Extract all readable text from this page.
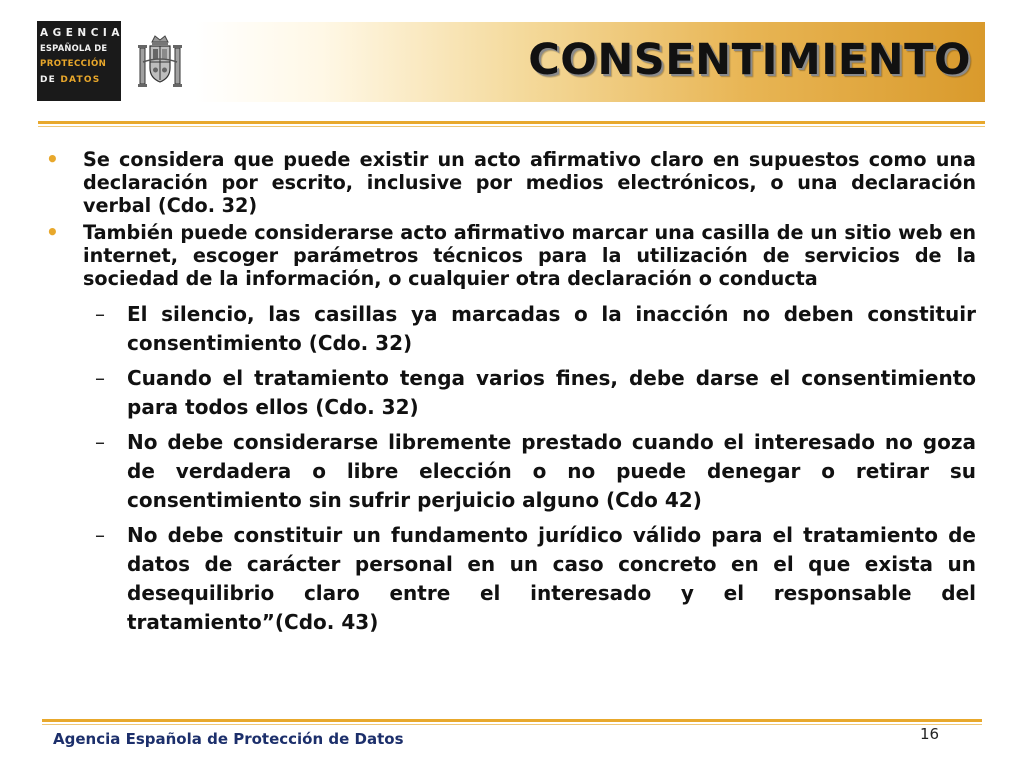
AGENCIA
ESPAÑOLA DE
PROTECCIÓN
DE DATOS	CONSENTIMIENTO
• Se considera que puede existir un acto afirmativo claro en supuestos como una declaración por escrito, inclusive por medios electrónicos, o una declaración verbal (Cdo. 32)
• También puede considerarse acto afirmativo marcar una casilla de un sitio web en internet, escoger parámetros técnicos para la utilización de servicios de la sociedad de la información, o cualquier otra declaración o conducta
– El silencio, las casillas ya marcadas o la inacción no deben constituir consentimiento (Cdo. 32)
– Cuando el tratamiento tenga varios fines, debe darse el consentimiento para todos ellos (Cdo. 32)
– No debe considerarse libremente prestado cuando el interesado no goza de verdadera o libre elección o no puede denegar o retirar su consentimiento sin sufrir perjuicio alguno (Cdo 42)
– No debe constituir un fundamento jurídico válido para el tratamiento de datos de carácter personal en un caso concreto en el que exista un desequilibrio claro entre el interesado y el responsable del tratamiento”(Cdo. 43)
Agencia Española de Protección de Datos	16
